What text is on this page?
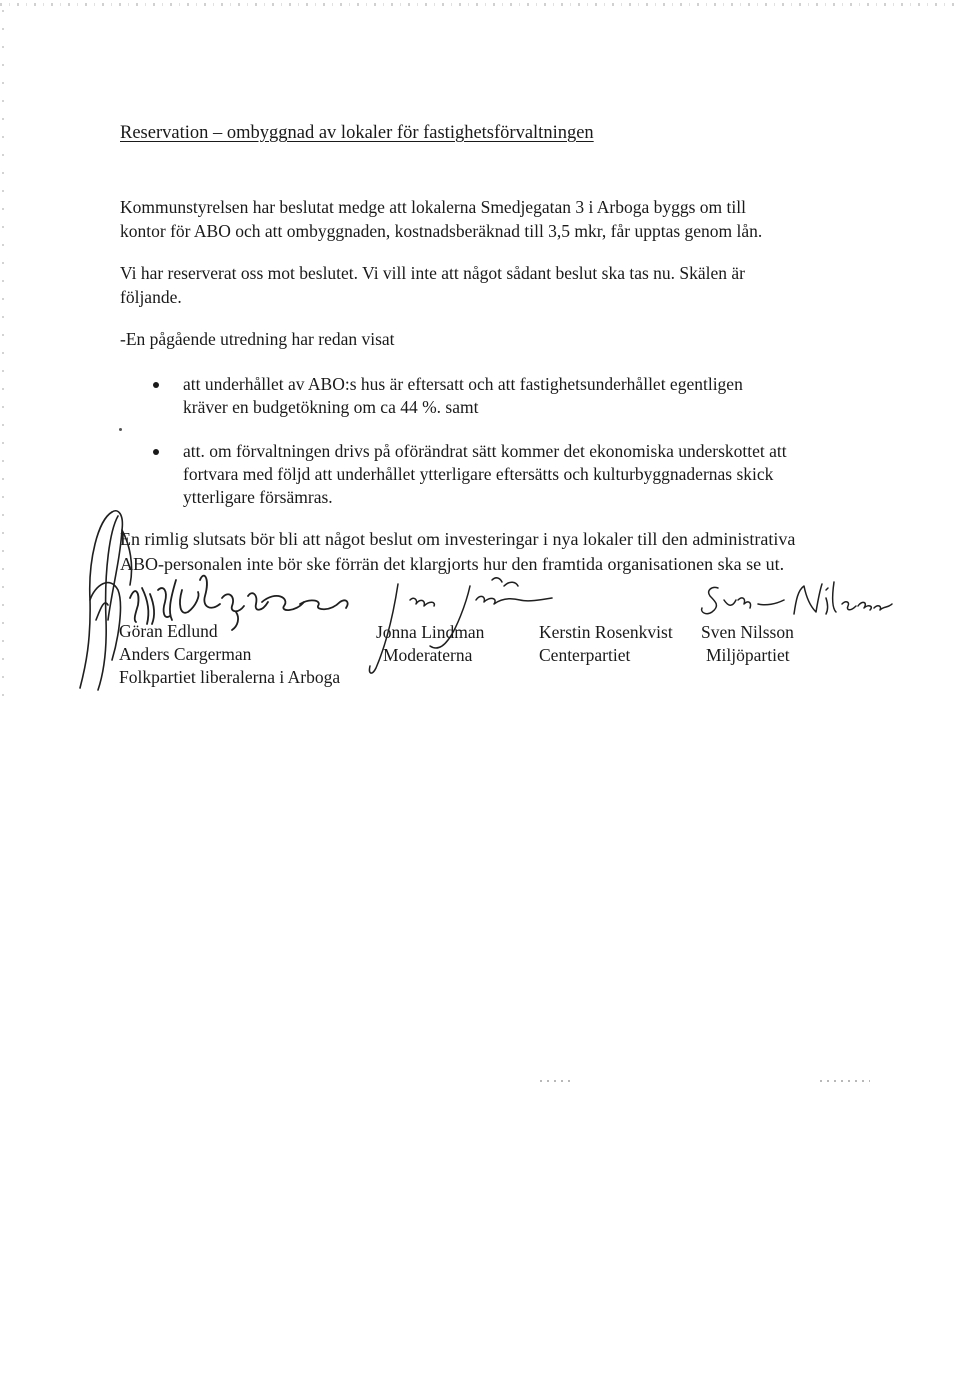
Reservation – ombyggnad av lokaler för fastighetsförvaltningen
Kommunstyrelsen har beslutat medge att lokalerna Smedjegatan 3 i Arboga byggs om till
kontor för ABO och att ombyggnaden, kostnadsberäknad till 3,5 mkr, får upptas genom lån.
Vi har reserverat oss mot beslutet. Vi vill inte att något sådant beslut ska tas nu. Skälen är
följande.
-En pågående utredning har redan visat
att underhållet av ABO:s hus är eftersatt och att fastighetsunderhållet egentligen
kräver en budgetökning om ca 44 %. samt
att. om förvaltningen drivs på oförändrat sätt kommer det ekonomiska underskottet att
fortvara med följd att underhållet ytterligare eftersätts och kulturbyggnadernas skick
ytterligare försämras.
En rimlig slutsats bör bli att något beslut om investeringar i nya lokaler till den administrativa
ABO-personalen inte bör ske förrän det klargjorts hur den framtida organisationen ska se ut.
Göran Edlund
Anders Cargerman
Folkpartiet liberalerna i Arboga
Jonna Lindman
Moderaterna
Kerstin Rosenkvist
Centerpartiet
Sven Nilsson
Miljöpartiet
